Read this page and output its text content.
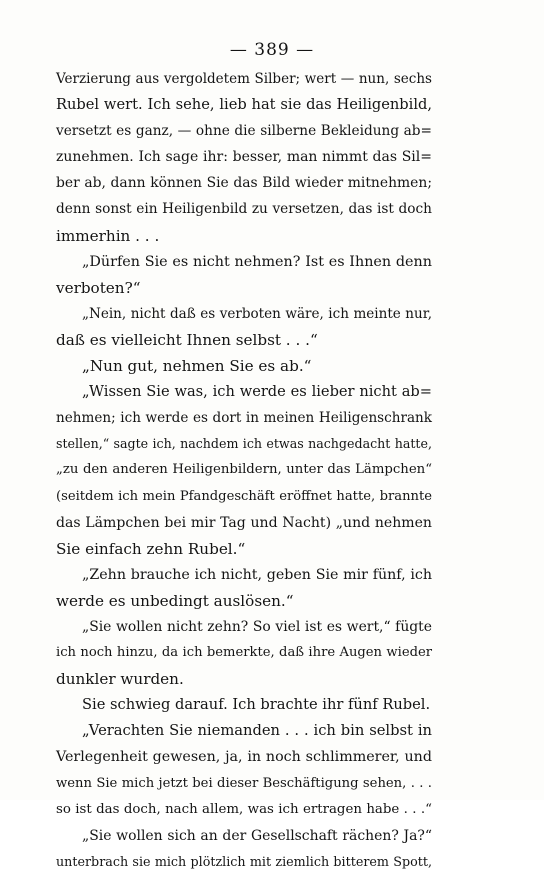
— 389 —
Verzierung aus vergoldetem Silber; wert — nun, sechs
Rubel wert. Ich sehe, lieb hat sie das Heiligenbild,
versetzt es ganz, — ohne die silberne Bekleidung ab=
zunehmen. Ich sage ihr: besser, man nimmt das Sil=
ber ab, dann können Sie das Bild wieder mitnehmen;
denn sonst ein Heiligenbild zu versetzen, das ist doch
immerhin . . .
„Dürfen Sie es nicht nehmen? Ist es Ihnen denn
verboten?“
„Nein, nicht daß es verboten wäre, ich meinte nur,
daß es vielleicht Ihnen selbst . . .“
„Nun gut, nehmen Sie es ab.“
„Wissen Sie was, ich werde es lieber nicht ab=
nehmen; ich werde es dort in meinen Heiligenschrank
stellen,“ sagte ich, nachdem ich etwas nachgedacht hatte,
„zu den anderen Heiligenbildern, unter das Lämpchen“
(seitdem ich mein Pfandgeschäft eröffnet hatte, brannte
das Lämpchen bei mir Tag und Nacht) „und nehmen
Sie einfach zehn Rubel.“
„Zehn brauche ich nicht, geben Sie mir fünf, ich
werde es unbedingt auslösen.“
„Sie wollen nicht zehn? So viel ist es wert,“ fügte
ich noch hinzu, da ich bemerkte, daß ihre Augen wieder
dunkler wurden.
Sie schwieg darauf. Ich brachte ihr fünf Rubel.
„Verachten Sie niemanden . . . ich bin selbst in
Verlegenheit gewesen, ja, in noch schlimmerer, und
wenn Sie mich jetzt bei dieser Beschäftigung sehen, . . .
so ist das doch, nach allem, was ich ertragen habe . . .“
„Sie wollen sich an der Gesellschaft rächen? Ja?“
unterbrach sie mich plötzlich mit ziemlich bitterem Spott,
